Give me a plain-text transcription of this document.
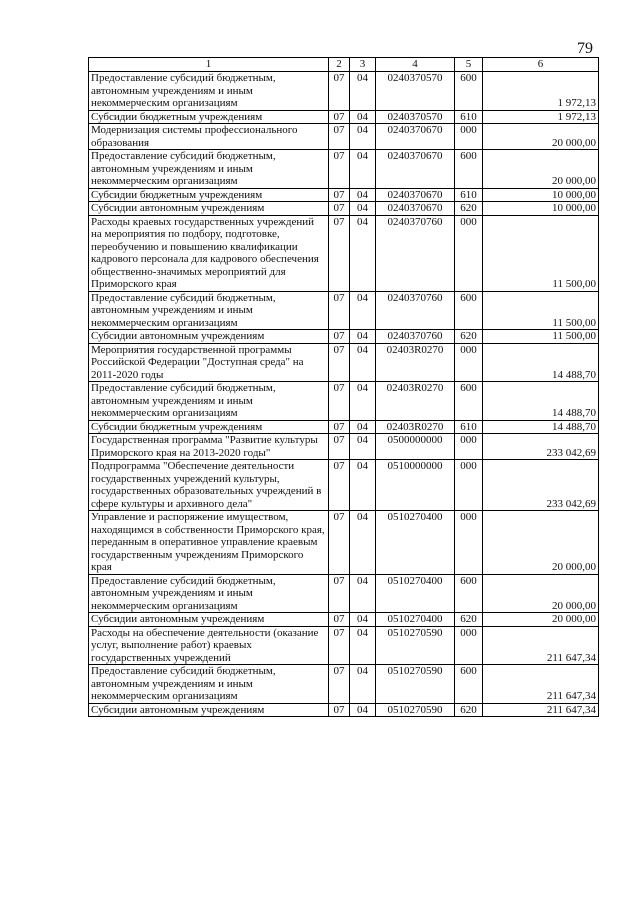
79
1	2	3	4	5	6
Предоставление субсидий бюджетным, автономным учреждениям и иным некоммерческим организациям	07	04	0240370570	600	1 972,13
Субсидии бюджетным учреждениям	07	04	0240370570	610	1 972,13
Модернизация системы профессионального образования	07	04	0240370670	000	20 000,00
Предоставление субсидий бюджетным, автономным учреждениям и иным некоммерческим организациям	07	04	0240370670	600	20 000,00
Субсидии бюджетным учреждениям	07	04	0240370670	610	10 000,00
Субсидии автономным учреждениям	07	04	0240370670	620	10 000,00
Расходы краевых государственных учреждений на мероприятия по подбору, подготовке, переобучению и повышению квалификации кадрового персонала для кадрового обеспечения общественно-значимых мероприятий для Приморского края	07	04	0240370760	000	11 500,00
Предоставление субсидий бюджетным, автономным учреждениям и иным некоммерческим организациям	07	04	0240370760	600	11 500,00
Субсидии автономным учреждениям	07	04	0240370760	620	11 500,00
Мероприятия государственной программы Российской Федерации "Доступная среда" на 2011-2020 годы	07	04	02403R0270	000	14 488,70
Предоставление субсидий бюджетным, автономным учреждениям и иным некоммерческим организациям	07	04	02403R0270	600	14 488,70
Субсидии бюджетным учреждениям	07	04	02403R0270	610	14 488,70
Государственная программа "Развитие культуры Приморского края на 2013-2020 годы"	07	04	0500000000	000	233 042,69
Подпрограмма "Обеспечение деятельности государственных учреждений культуры, государственных образовательных учреждений в сфере культуры и архивного дела"	07	04	0510000000	000	233 042,69
Управление и распоряжение имуществом, находящимся в собственности Приморского края, переданным в оперативное управление краевым государственным учреждениям Приморского края	07	04	0510270400	000	20 000,00
Предоставление субсидий бюджетным, автономным учреждениям и иным некоммерческим организациям	07	04	0510270400	600	20 000,00
Субсидии автономным учреждениям	07	04	0510270400	620	20 000,00
Расходы на обеспечение деятельности (оказание услуг, выполнение работ) краевых государственных учреждений	07	04	0510270590	000	211 647,34
Предоставление субсидий бюджетным, автономным учреждениям и иным некоммерческим организациям	07	04	0510270590	600	211 647,34
Субсидии автономным учреждениям	07	04	0510270590	620	211 647,34
